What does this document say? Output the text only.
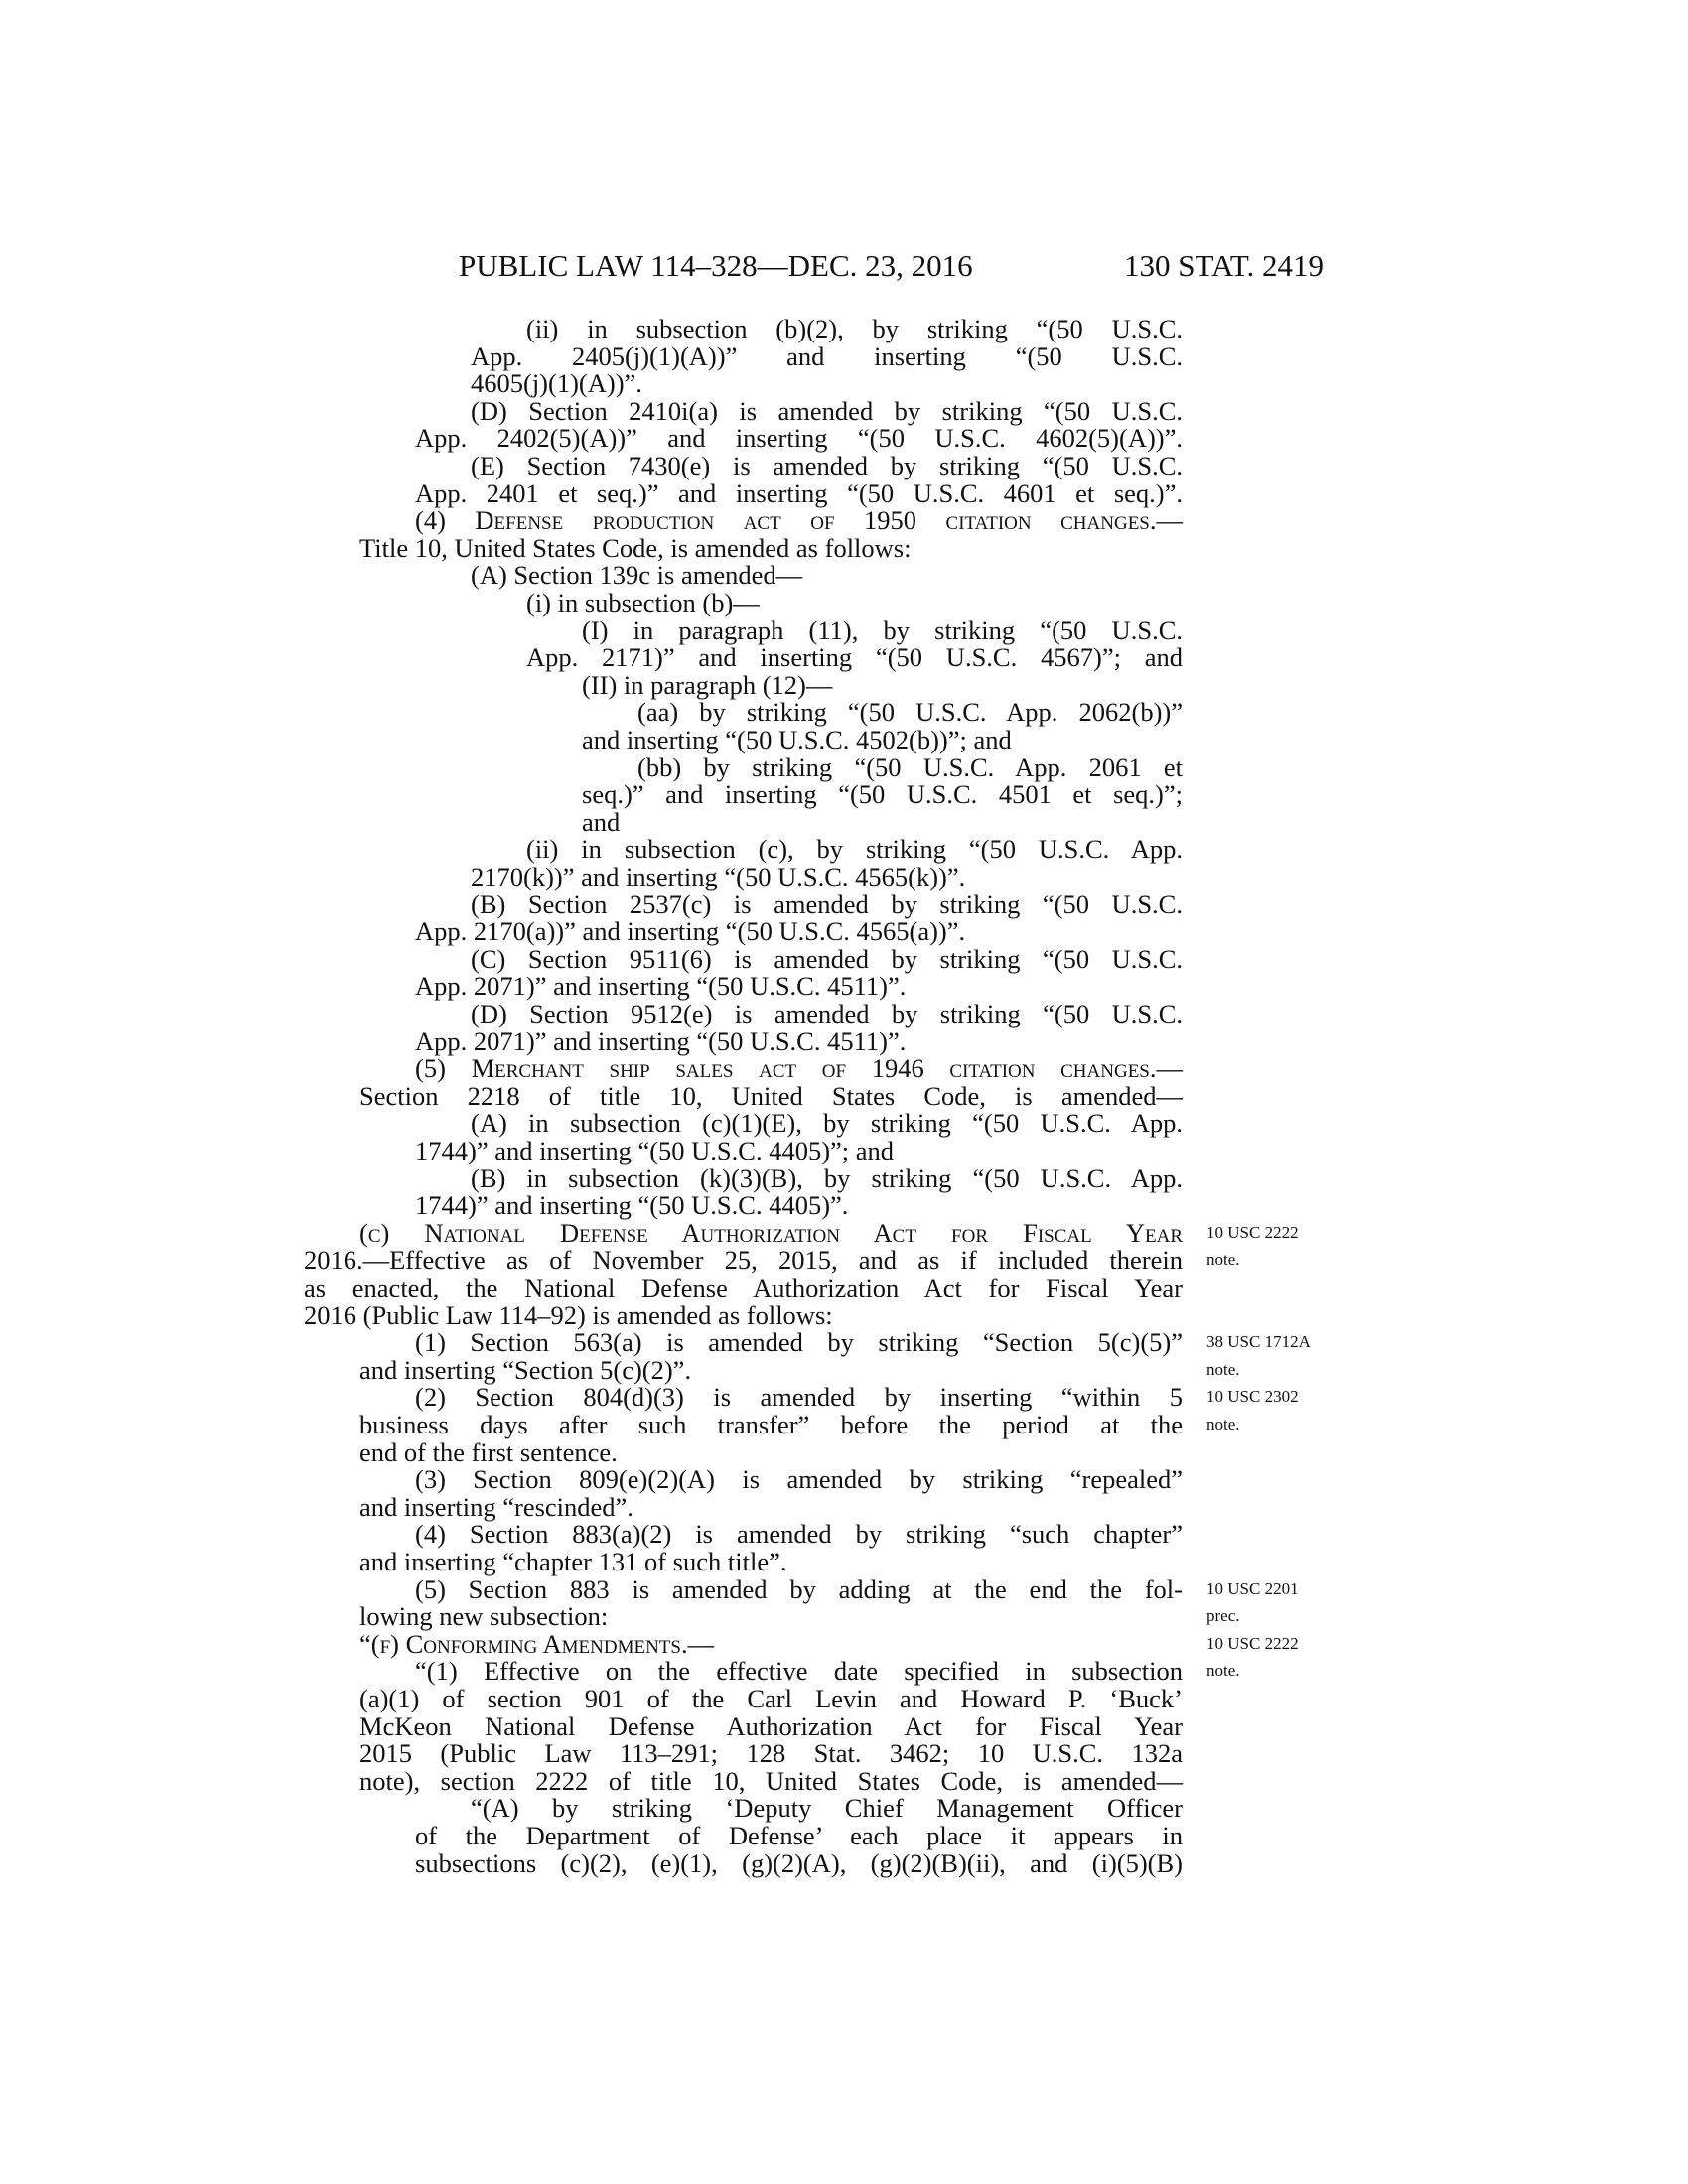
PUBLIC LAW 114–328—DEC. 23, 2016	130 STAT. 2419
(ii) in subsection (b)(2), by striking “(50 U.S.C.
App. 2405(j)(1)(A))” and inserting “(50 U.S.C.
4605(j)(1)(A))”.
(D) Section 2410i(a) is amended by striking “(50 U.S.C.
App. 2402(5)(A))” and inserting “(50 U.S.C. 4602(5)(A))”.
(E) Section 7430(e) is amended by striking “(50 U.S.C.
App. 2401 et seq.)” and inserting “(50 U.S.C. 4601 et seq.)”.
(4) Defense production act of 1950 citation changes.—
Title 10, United States Code, is amended as follows:
(A) Section 139c is amended—
(i) in subsection (b)—
(I) in paragraph (11), by striking “(50 U.S.C.
App. 2171)” and inserting “(50 U.S.C. 4567)”; and
(II) in paragraph (12)—
(aa) by striking “(50 U.S.C. App. 2062(b))”
and inserting “(50 U.S.C. 4502(b))”; and
(bb) by striking “(50 U.S.C. App. 2061 et
seq.)” and inserting “(50 U.S.C. 4501 et seq.)”;
and
(ii) in subsection (c), by striking “(50 U.S.C. App.
2170(k))” and inserting “(50 U.S.C. 4565(k))”.
(B) Section 2537(c) is amended by striking “(50 U.S.C.
App. 2170(a))” and inserting “(50 U.S.C. 4565(a))”.
(C) Section 9511(6) is amended by striking “(50 U.S.C.
App. 2071)” and inserting “(50 U.S.C. 4511)”.
(D) Section 9512(e) is amended by striking “(50 U.S.C.
App. 2071)” and inserting “(50 U.S.C. 4511)”.
(5) Merchant ship sales act of 1946 citation changes.—
Section 2218 of title 10, United States Code, is amended—
(A) in subsection (c)(1)(E), by striking “(50 U.S.C. App.
1744)” and inserting “(50 U.S.C. 4405)”; and
(B) in subsection (k)(3)(B), by striking “(50 U.S.C. App.
1744)” and inserting “(50 U.S.C. 4405)”.
(c) National Defense Authorization Act for Fiscal Year
2016.—Effective as of November 25, 2015, and as if included therein
as enacted, the National Defense Authorization Act for Fiscal Year
2016 (Public Law 114–92) is amended as follows:
(1) Section 563(a) is amended by striking “Section 5(c)(5)”
and inserting “Section 5(c)(2)”.
(2) Section 804(d)(3) is amended by inserting “within 5
business days after such transfer” before the period at the
end of the first sentence.
(3) Section 809(e)(2)(A) is amended by striking “repealed”
and inserting “rescinded”.
(4) Section 883(a)(2) is amended by striking “such chapter”
and inserting “chapter 131 of such title”.
(5) Section 883 is amended by adding at the end the fol-
lowing new subsection:
“(f) Conforming Amendments.—
“(1) Effective on the effective date specified in subsection
(a)(1) of section 901 of the Carl Levin and Howard P. ‘Buck’
McKeon National Defense Authorization Act for Fiscal Year
2015 (Public Law 113–291; 128 Stat. 3462; 10 U.S.C. 132a
note), section 2222 of title 10, United States Code, is amended—
“(A) by striking ‘Deputy Chief Management Officer
of the Department of Defense’ each place it appears in
subsections (c)(2), (e)(1), (g)(2)(A), (g)(2)(B)(ii), and (i)(5)(B)
10 USC 2222
note.
38 USC 1712A
note.
10 USC 2302
note.
10 USC 2201
prec.
10 USC 2222
note.
